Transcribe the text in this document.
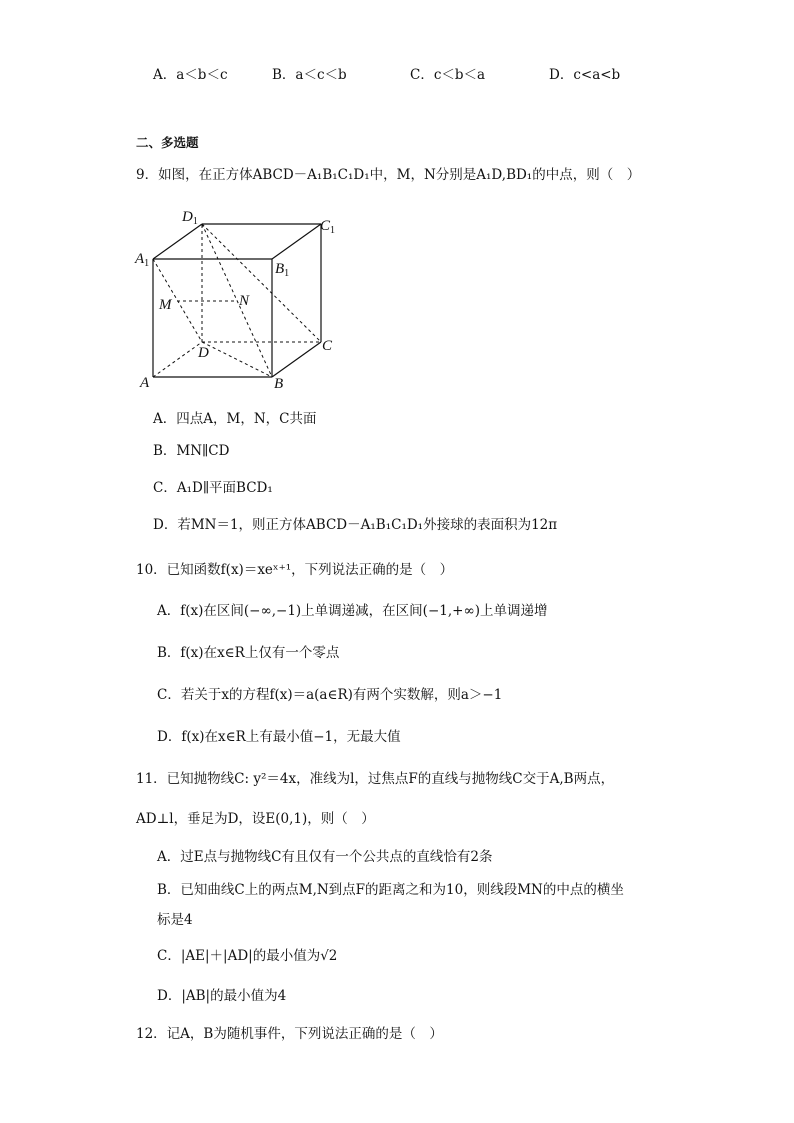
A．a＜b＜c	B．a＜c＜b	C．c＜b＜a	D．c<a<b
二、多选题
9．如图，在正方体ABCD－A₁B₁C₁D₁中，M，N分别是A₁D,BD₁的中点，则（　）
$D_1$	$C_1$
$A_1$	$B_1$
M	N
D	C
A	B
A．四点A，M，N，C共面
B．MN∥CD
C．A₁D∥平面BCD₁
D．若MN＝1，则正方体ABCD－A₁B₁C₁D₁外接球的表面积为12π
10．已知函数f(x)＝xeˣ⁺¹，下列说法正确的是（　）
A．f(x)在区间(−∞,−1)上单调递减，在区间(−1,+∞)上单调递增
B．f(x)在x∈R上仅有一个零点
C．若关于x的方程f(x)＝a(a∈R)有两个实数解，则a＞−1
D．f(x)在x∈R上有最小值−1，无最大值
11．已知抛物线C: y²＝4x，准线为l，过焦点F的直线与抛物线C交于A,B两点，
AD⊥l，垂足为D，设E(0,1)，则（　）
A．过E点与抛物线C有且仅有一个公共点的直线恰有2条
B．已知曲线C上的两点M,N到点F的距离之和为10，则线段MN的中点的横坐
标是4
C．|AE|＋|AD|的最小值为√2
D．|AB|的最小值为4
12．记A，B为随机事件，下列说法正确的是（　）
